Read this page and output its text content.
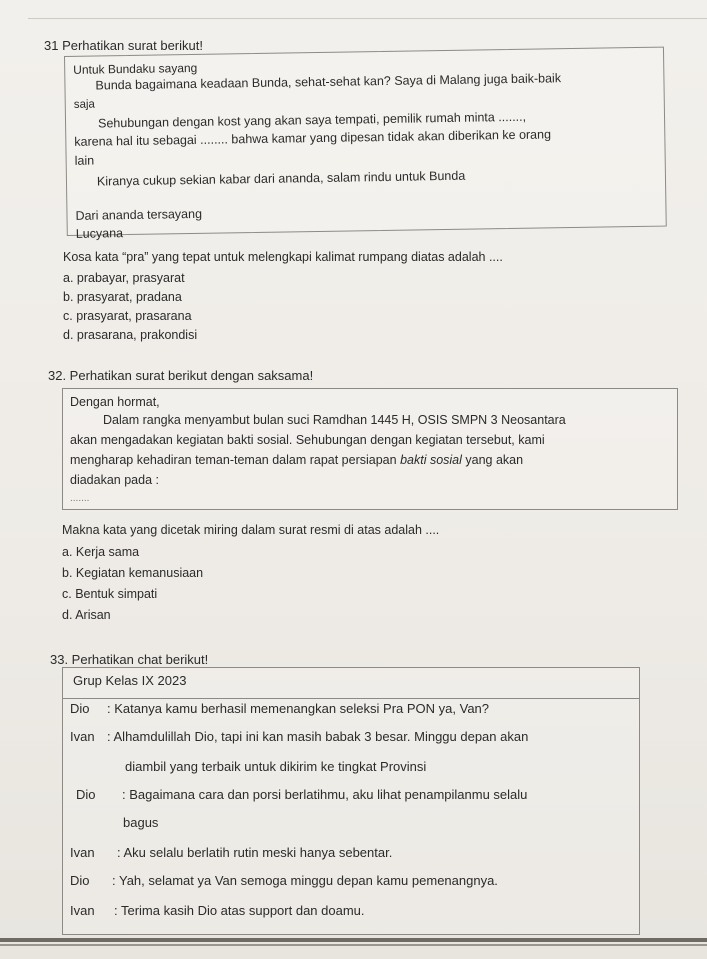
31 Perhatikan surat berikut!
Untuk Bundaku sayang
Bunda bagaimana keadaan Bunda, sehat-sehat kan? Saya di Malang juga baik-baik
saja
Sehubungan dengan kost yang akan saya tempati, pemilik rumah minta .......,
karena hal itu sebagai ........ bahwa kamar yang dipesan tidak akan diberikan ke orang
lain
Kiranya cukup sekian kabar dari ananda, salam rindu untuk Bunda
Dari ananda tersayang
Lucyana
Kosa kata “pra” yang tepat untuk melengkapi kalimat rumpang diatas adalah ....
a. prabayar, prasyarat
b. prasyarat, pradana
c. prasyarat, prasarana
d. prasarana, prakondisi
32. Perhatikan surat berikut dengan saksama!
Dengan hormat,
Dalam rangka menyambut bulan suci Ramdhan 1445 H, OSIS SMPN 3 Neosantara
akan mengadakan kegiatan bakti sosial. Sehubungan dengan kegiatan tersebut, kami
mengharap kehadiran teman-teman dalam rapat persiapan bakti sosial yang akan
diadakan pada :
.......
Makna kata yang dicetak miring dalam surat resmi di atas adalah ....
a. Kerja sama
b. Kegiatan kemanusiaan
c. Bentuk simpati
d. Arisan
33. Perhatikan chat berikut!
Grup Kelas IX 2023
Dio : Katanya kamu berhasil memenangkan seleksi Pra PON ya, Van?
Ivan : Alhamdulillah Dio, tapi ini kan masih babak 3 besar. Minggu depan akan
diambil yang terbaik untuk dikirim ke tingkat Provinsi
Dio : Bagaimana cara dan porsi berlatihmu, aku lihat penampilanmu selalu
bagus
Ivan : Aku selalu berlatih rutin meski hanya sebentar.
Dio : Yah, selamat ya Van semoga minggu depan kamu pemenangnya.
Ivan : Terima kasih Dio atas support dan doamu.
